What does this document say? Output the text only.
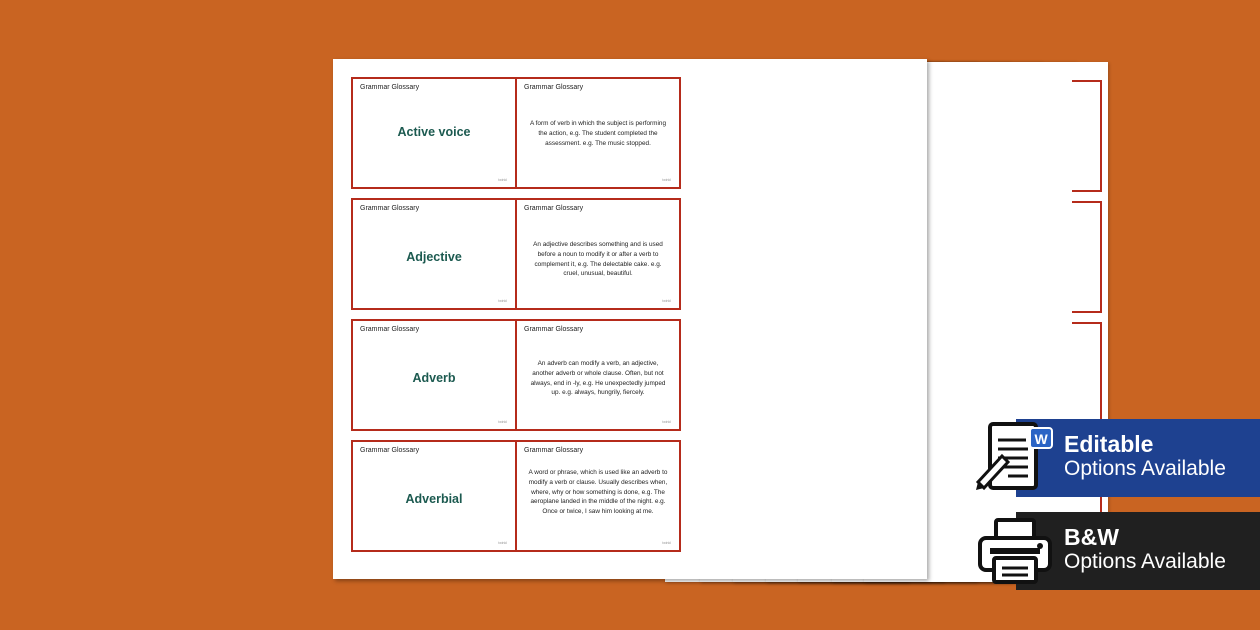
Grammar Glossary
Active voice
twinkl
Grammar Glossary
A form of verb in which the subject is performing the action, e.g. The student completed the assessment. e.g. The music stopped.
twinkl
Grammar Glossary
Adjective
twinkl
Grammar Glossary
An adjective describes something and is used before a noun to modify it or after a verb to complement it, e.g. The delectable cake. e.g. cruel, unusual, beautiful.
twinkl
Grammar Glossary
Adverb
twinkl
Grammar Glossary
An adverb can modify a verb, an adjective, another adverb or whole clause. Often, but not always, end in -ly, e.g. He unexpectedly jumped up. e.g. always, hungrily, fiercely.
twinkl
Grammar Glossary
Adverbial
twinkl
Grammar Glossary
A word or phrase, which is used like an adverb to modify a verb or clause. Usually describes when, where, why or how something is done, e.g. The aeroplane landed in the middle of the night. e.g. Once or twice, I saw him looking at me.
twinkl
Editable
Options Available
W
B&W
Options Available
